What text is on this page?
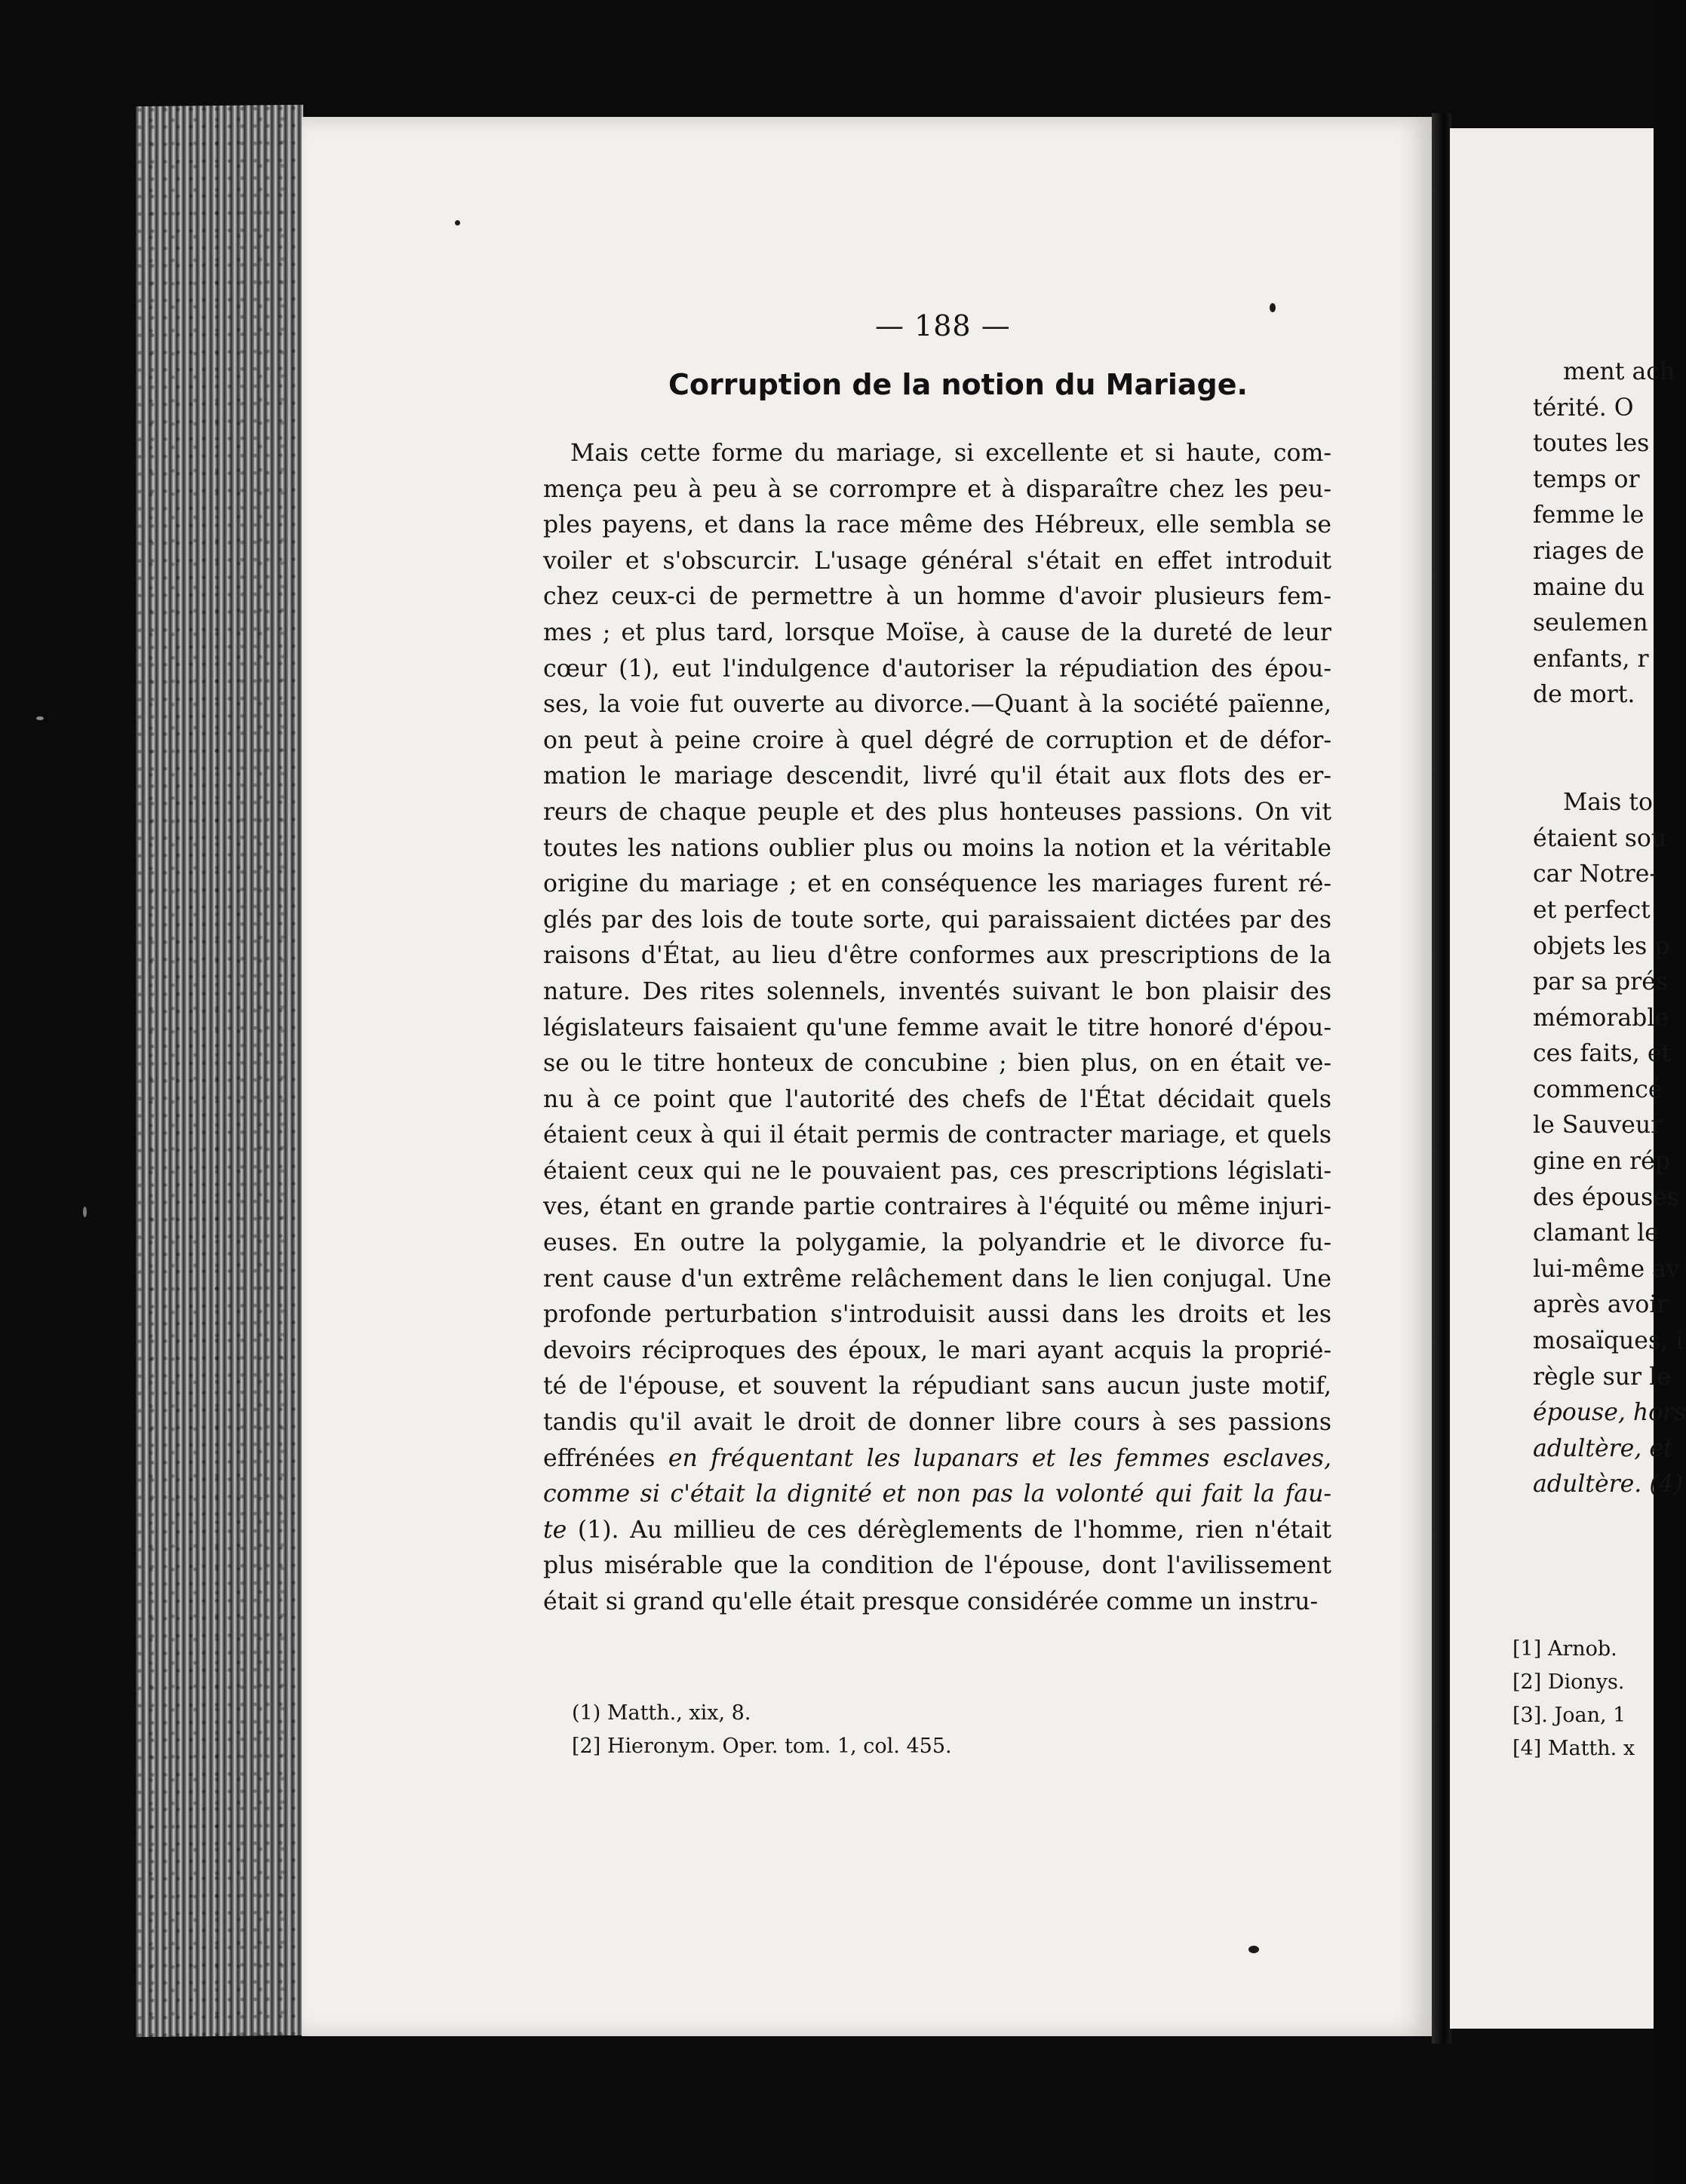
— 188 —
Corruption de la notion du Mariage.
Mais cette forme du mariage, si excellente et si haute, com-
mença peu à peu à se corrompre et à disparaître chez les peu-
ples payens, et dans la race même des Hébreux, elle sembla se
voiler et s'obscurcir. L'usage général s'était en effet introduit
chez ceux-ci de permettre à un homme d'avoir plusieurs fem-
mes ; et plus tard, lorsque Moïse, à cause de la dureté de leur
cœur (1), eut l'indulgence d'autoriser la répudiation des épou-
ses, la voie fut ouverte au divorce.—Quant à la société païenne,
on peut à peine croire à quel dégré de corruption et de défor-
mation le mariage descendit, livré qu'il était aux flots des er-
reurs de chaque peuple et des plus honteuses passions. On vit
toutes les nations oublier plus ou moins la notion et la véritable
origine du mariage ; et en conséquence les mariages furent ré-
glés par des lois de toute sorte, qui paraissaient dictées par des
raisons d'État, au lieu d'être conformes aux prescriptions de la
nature. Des rites solennels, inventés suivant le bon plaisir des
législateurs faisaient qu'une femme avait le titre honoré d'épou-
se ou le titre honteux de concubine ; bien plus, on en était ve-
nu à ce point que l'autorité des chefs de l'État décidait quels
étaient ceux à qui il était permis de contracter mariage, et quels
étaient ceux qui ne le pouvaient pas, ces prescriptions législati-
ves, étant en grande partie contraires à l'équité ou même injuri-
euses. En outre la polygamie, la polyandrie et le divorce fu-
rent cause d'un extrême relâchement dans le lien conjugal. Une
profonde perturbation s'introduisit aussi dans les droits et les
devoirs réciproques des époux, le mari ayant acquis la proprié-
té de l'épouse, et souvent la répudiant sans aucun juste motif,
tandis qu'il avait le droit de donner libre cours à ses passions
effrénées en fréquentant les lupanars et les femmes esclaves,
comme si c'était la dignité et non pas la volonté qui fait la fau-
te (1). Au millieu de ces dérèglements de l'homme, rien n'était
plus misérable que la condition de l'épouse, dont l'avilissement
était si grand qu'elle était presque considérée comme un instru-
(1) Matth., xix, 8.
[2] Hieronym. Oper. tom. 1, col. 455.
ment ach
térité. O
toutes les
temps or
femme le
riages de
maine du
seulemen
enfants, r
de mort.

Mais to
étaient sou
car Notre-
et perfect
objets les p
par sa prés
mémorable
ces faits, et
commencé
le Sauveur
gine en rép
des épouses
clamant le
lui-même av
après avoir
mosaïques, i
règle sur le
épouse, hors
adultère, et
adultère. (4)
[1] Arnob.
[2] Dionys.
[3]. Joan, 1
[4] Matth. x
